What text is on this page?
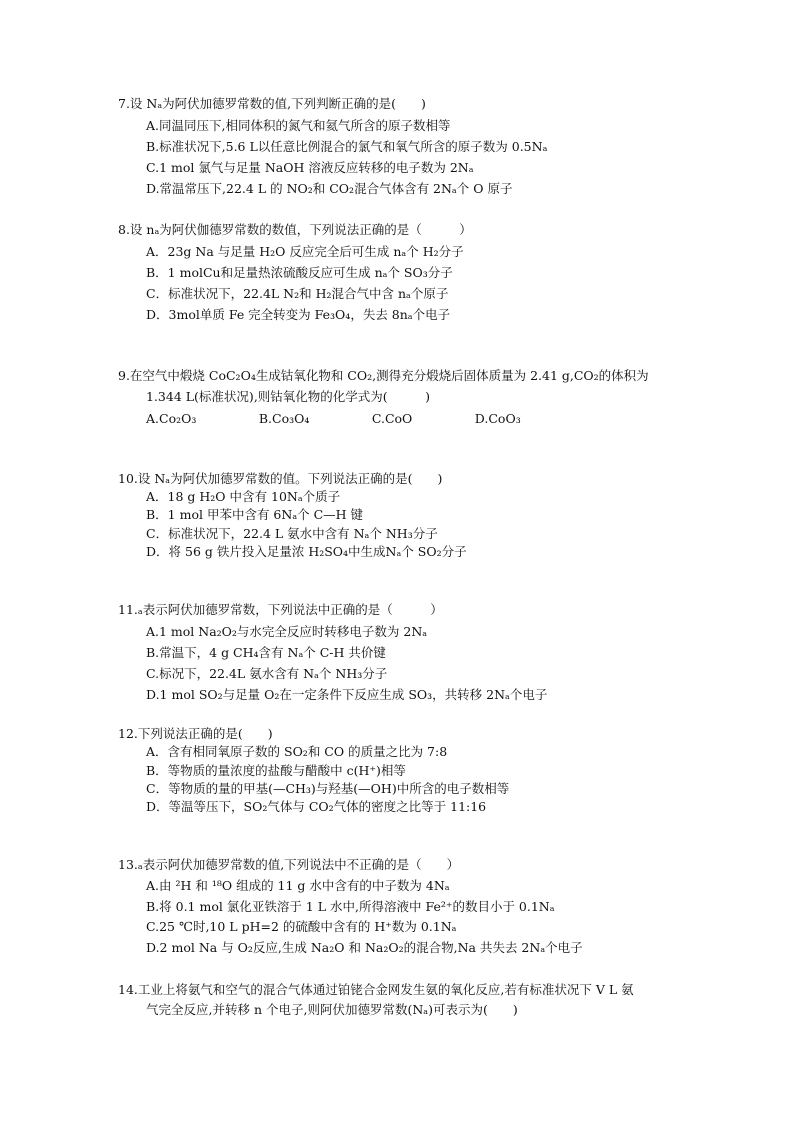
7.设 Nₐ为阿伏加德罗常数的值,下列判断正确的是(　　)
A.同温同压下,相同体积的氮气和氦气所含的原子数相等
B.标准状况下,5.6 L以任意比例混合的氯气和氧气所含的原子数为 0.5Nₐ
C.1 mol 氯气与足量 NaOH 溶液反应转移的电子数为 2Nₐ
D.常温常压下,22.4 L 的 NO₂和 CO₂混合气体含有 2Nₐ个 O 原子
8.设 nₐ为阿伏伽德罗常数的数值，下列说法正确的是（　　　）
A．23g Na 与足量 H₂O 反应完全后可生成 nₐ个 H₂分子
B．1 molCu和足量热浓硫酸反应可生成 nₐ个 SO₃分子
C．标准状况下，22.4L N₂和 H₂混合气中含 nₐ个原子
D．3mol单质 Fe 完全转变为 Fe₃O₄，失去 8nₐ个电子
9.在空气中煅烧 CoC₂O₄生成钴氧化物和 CO₂,测得充分煅烧后固体质量为 2.41 g,CO₂的体积为
1.344 L(标准状况),则钴氧化物的化学式为(　　　)
A.Co₂O₃　　　　　B.Co₃O₄　　　　　C.CoO　　　　　D.CoO₃
10.设 Nₐ为阿伏加德罗常数的值。下列说法正确的是(　　)
A．18 g H₂O 中含有 10Nₐ个质子
B．1 mol 甲苯中含有 6Nₐ个 C—H 键
C．标准状况下，22.4 L 氨水中含有 Nₐ个 NH₃分子
D．将 56 g 铁片投入足量浓 H₂SO₄中生成Nₐ个 SO₂分子
11.ₐ表示阿伏加德罗常数，下列说法中正确的是（　　　）
A.1 mol Na₂O₂与水完全反应时转移电子数为 2Nₐ
B.常温下，4 g CH₄含有 Nₐ个 C-H 共价键
C.标况下，22.4L 氨水含有 Nₐ个 NH₃分子
D.1 mol SO₂与足量 O₂在一定条件下反应生成 SO₃，共转移 2Nₐ个电子
12.下列说法正确的是(　　)
A．含有相同氧原子数的 SO₂和 CO 的质量之比为 7:8
B．等物质的量浓度的盐酸与醋酸中 c(H⁺)相等
C．等物质的量的甲基(—CH₃)与羟基(—OH)中所含的电子数相等
D．等温等压下，SO₂气体与 CO₂气体的密度之比等于 11:16
13.ₐ表示阿伏加德罗常数的值,下列说法中不正确的是（　　）
A.由 ²H 和 ¹⁸O 组成的 11 g 水中含有的中子数为 4Nₐ
B.将 0.1 mol 氯化亚铁溶于 1 L 水中,所得溶液中 Fe²⁺的数目小于 0.1Nₐ
C.25 ℃时,10 L pH=2 的硫酸中含有的 H⁺数为 0.1Nₐ
D.2 mol Na 与 O₂反应,生成 Na₂O 和 Na₂O₂的混合物,Na 共失去 2Nₐ个电子
14.工业上将氨气和空气的混合气体通过铂铑合金网发生氨的氧化反应,若有标准状况下 V L 氨
气完全反应,并转移 n 个电子,则阿伏加德罗常数(Nₐ)可表示为(　　)
